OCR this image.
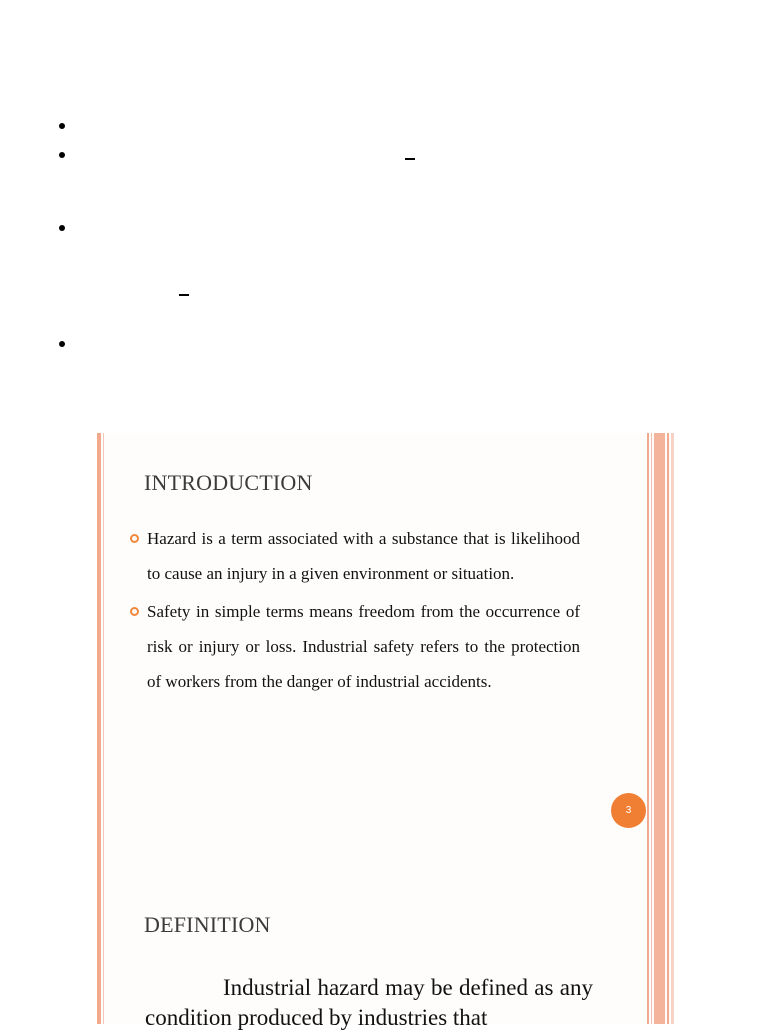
INTRODUCTION
Hazard is a term associated with a substance that is likelihood to cause an injury in a given environment or situation.
Safety in simple terms means freedom from the occurrence of risk or injury or loss. Industrial safety refers to the protection of workers from the danger of industrial accidents.
3
DEFINITION

Industrial hazard may be defined as any condition produced by industries that
